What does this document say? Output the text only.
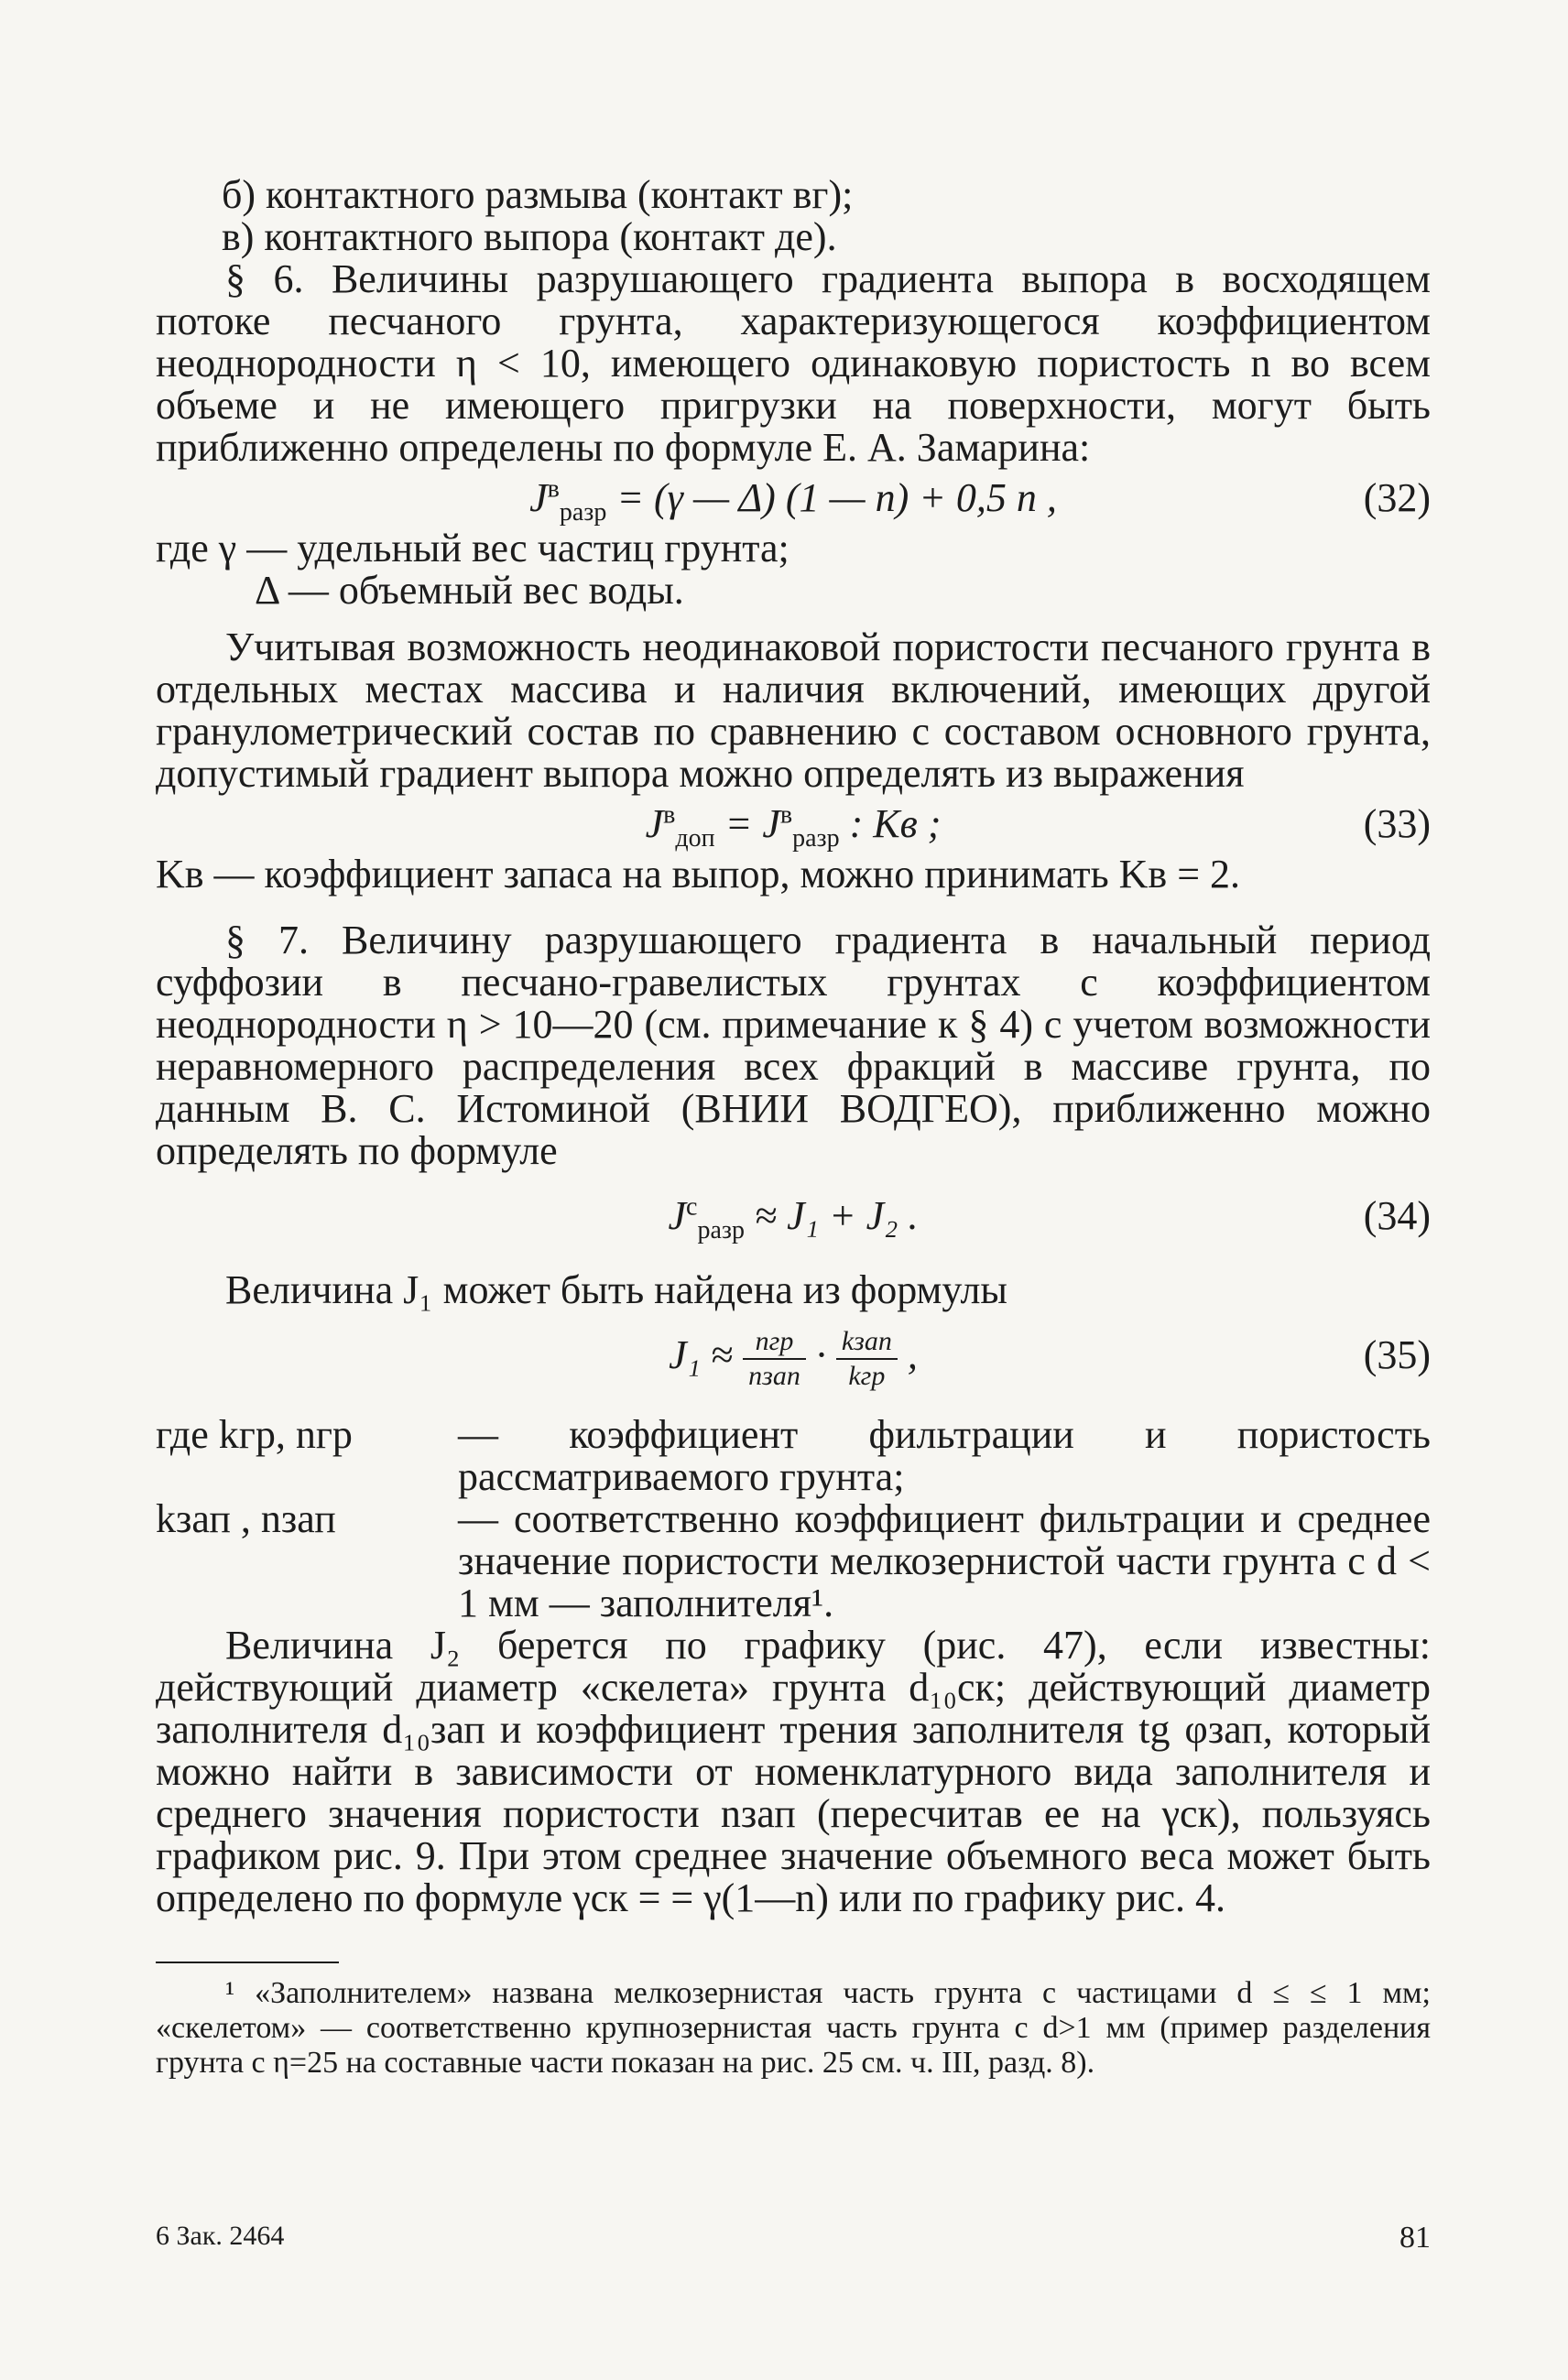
б) контактного размыва (контакт вг);

в) контактного выпора (контакт де).

§ 6. Величины разрушающего градиента выпора в восходящем потоке песчаного грунта, характеризующегося коэффициентом неоднородности η < 10, имеющего одинаковую пористость n во всем объеме и не имеющего пригрузки на поверхности, могут быть приближенно определены по формуле Е. А. Замарина:

$J^в_{разр} = (\gamma$ — Δ) (1 — n) + 0,5 n ,	(32)

где γ — удельный вес частиц грунта;

Δ — объемный вес воды.

Учитывая возможность неодинаковой пористости песчаного грунта в отдельных местах массива и наличия включений, имеющих другой гранулометрический состав по сравнению с составом основного грунта, допустимый градиент выпора можно определять из выражения

$J^в_{доп} = J^в_{разр}$ : Kв ;	(33)

Kв — коэффициент запаса на выпор, можно принимать Kв = 2.

§ 7. Величину разрушающего градиента в начальный период суффозии в песчано-гравелистых грунтах с коэффициентом неоднородности η > 10—20 (см. примечание к § 4) с учетом возможности неравномерного распределения всех фракций в массиве грунта, по данным В. С. Истоминой (ВНИИ ВОДГЕО), приближенно можно определять по формуле

$J^с_{разр} \approx J_1 + J_2$ .	(34)

Величина J₁ может быть найдена из формулы

$J_1 \approx \frac{\text{nгр}}{\text{nзап}} \cdot \frac{\text{kзап}}{\text{kгр}}$ ,	(35)
где kгр, nгр	— коэффициент фильтрации и пористость рассматриваемого грунта;
kзап , nзап	— соответственно коэффициент фильтрации и среднее значение пористости мелкозернистой части грунта с d < 1 мм — заполнителя¹.

Величина J₂ берется по графику (рис. 47), если известны: действующий диаметр «скелета» грунта d₁₀ск; действующий диаметр заполнителя d₁₀зап и коэффициент трения заполнителя tg φзап, который можно найти в зависимости от номенклатурного вида заполнителя и среднего значения пористости nзап (пересчитав ее на γск), пользуясь графиком рис. 9. При этом среднее значение объемного веса может быть определено по формуле γск = = γ(1—n) или по графику рис. 4.

¹ «Заполнителем» названа мелкозернистая часть грунта с частицами d ≤ ≤ 1 мм; «скелетом» — соответственно крупнозернистая часть грунта с d>1 мм (пример разделения грунта с η=25 на составные части показан на рис. 25 см. ч. III, разд. 8).

6 Зак. 2464	81
